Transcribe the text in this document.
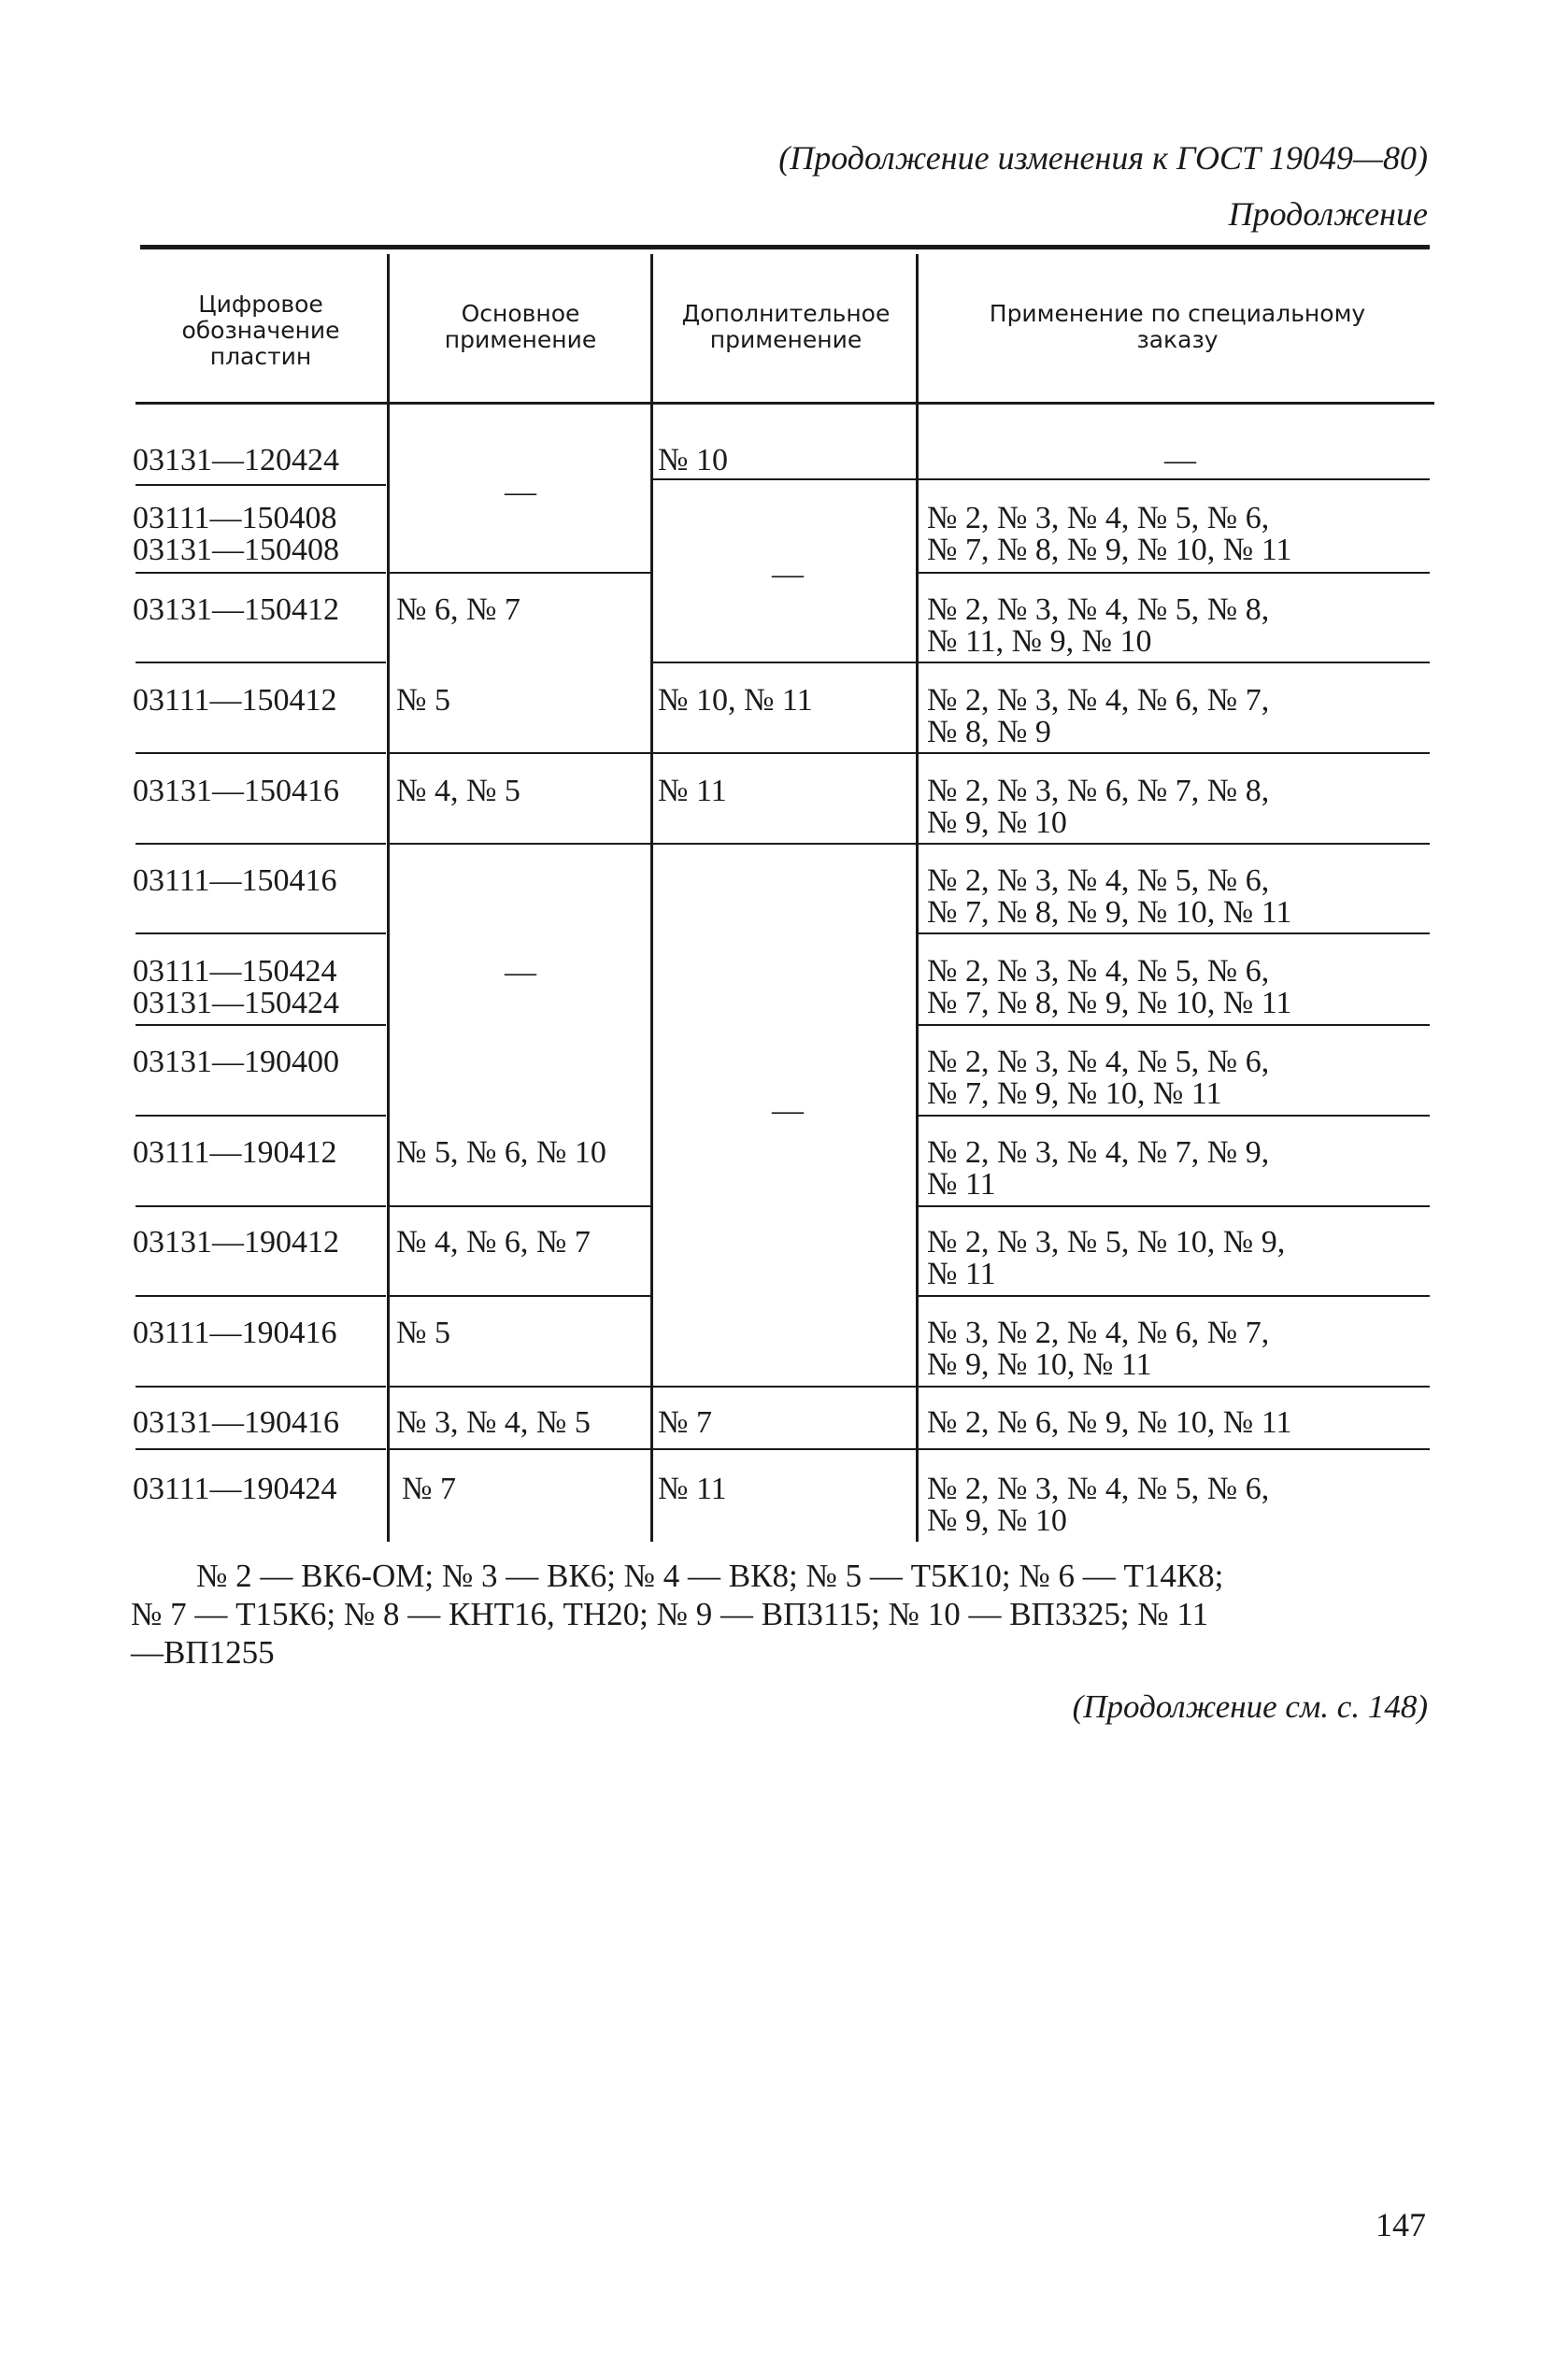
(Продолжение изменения к ГОСТ 19049—80)
Продолжение
Цифровое
обозначение
пластин
Основное
применение
Дополнительное
применение
Применение по специальному
заказу
03131—120424
03111—150408
03131—150408
03131—150412
03111—150412
03131—150416
03111—150416
03111—150424
03131—150424
03131—190400
03111—190412
03131—190412
03111—190416
03131—190416
03111—190424
—
№ 6, № 7
№ 5
№ 4, № 5
—
№ 5, № 6, № 10
№ 4, № 6, № 7
№ 5
№ 3, № 4, № 5
№ 7
№ 10
—
№ 10, № 11
№ 11
—
№ 7
№ 11
—
№ 2, № 3, № 4, № 5, № 6,
№ 7, № 8, № 9, № 10, № 11
№ 2, № 3, № 4, № 5, № 8,
№ 11, № 9, № 10
№ 2, № 3, № 4, № 6, № 7,
№ 8, № 9
№ 2, № 3, № 6, № 7, № 8,
№ 9, № 10
№ 2, № 3, № 4, № 5, № 6,
№ 7, № 8, № 9, № 10, № 11
№ 2, № 3, № 4, № 5, № 6,
№ 7, № 8, № 9, № 10, № 11
№ 2, № 3, № 4, № 5, № 6,
№ 7, № 9, № 10, № 11
№ 2, № 3, № 4, № 7, № 9,
№ 11
№ 2, № 3, № 5, № 10, № 9,
№ 11
№ 3, № 2, № 4, № 6, № 7,
№ 9, № 10, № 11
№ 2, № 6, № 9, № 10, № 11
№ 2, № 3, № 4, № 5, № 6,
№ 9, № 10
№ 2 — ВК6-ОМ; № 3 — ВК6; № 4 — ВК8; № 5 — Т5К10; № 6 — Т14К8;
№ 7 — Т15К6; № 8 — КНТ16, ТН20; № 9 — ВП3115; № 10 — ВП3325; № 11
—ВП1255
(Продолжение см. с. 148)
147
